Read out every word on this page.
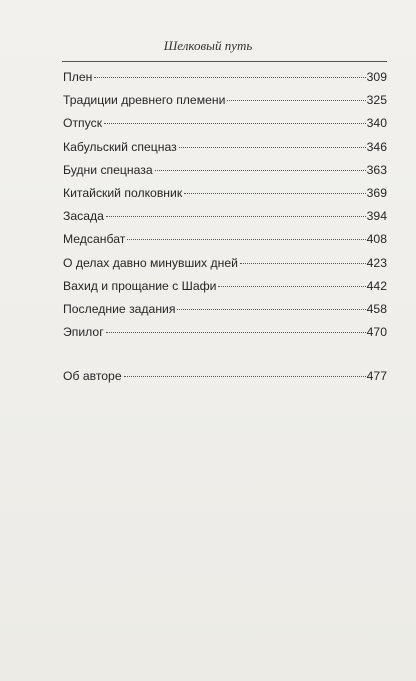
Шелковый путь
Плен	309
Традиции древнего племени	325
Отпуск	340
Кабульский спецназ	346
Будни спецназа	363
Китайский полковник	369
Засада	394
Медсанбат	408
О делах давно минувших дней	423
Вахид и прощание с Шафи	442
Последние задания	458
Эпилог	470
Об авторе	477
